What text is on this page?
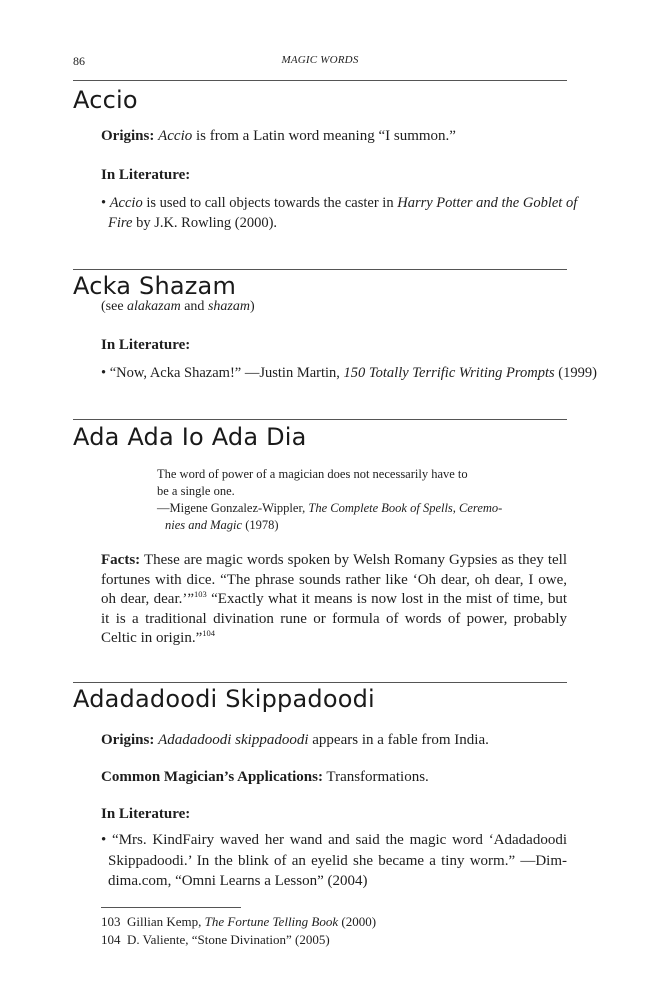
86	MAGIC WORDS
Accio
Origins: Accio is from a Latin word meaning “I summon.”
In Literature:
• Accio is used to call objects towards the caster in Harry Potter and the Goblet of
Fire by J.K. Rowling (2000).
Acka Shazam
(see alakazam and shazam)
In Literature:
• “Now, Acka Shazam!” —Justin Martin, 150 Totally Terrific Writing Prompts (1999)
Ada Ada Io Ada Dia
The word of power of a magician does not necessarily have to
be a single one.
—Migene Gonzalez-Wippler, The Complete Book of Spells, Ceremo-
nies and Magic (1978)
Facts: These are magic words spoken by Welsh Romany Gypsies as they tell
fortunes with dice. “The phrase sounds rather like ‘Oh dear, oh dear, I owe,
oh dear, dear.’”$^{103}$ “Exactly what it means is now lost in the mist of time, but
it is a traditional divination rune or formula of words of power, probably
Celtic in origin.”$^{104}$
Adadadoodi Skippadoodi
Origins: Adadadoodi skippadoodi appears in a fable from India.
Common Magician’s Applications: Transformations.
In Literature:
• “Mrs. KindFairy waved her wand and said the magic word ‘Adadadoodi
Skippadoodi.’ In the blink of an eyelid she became a tiny worm.” —Dim-
dima.com, “Omni Learns a Lesson” (2004)
103 Gillian Kemp, The Fortune Telling Book (2000)
104 D. Valiente, “Stone Divination” (2005)
